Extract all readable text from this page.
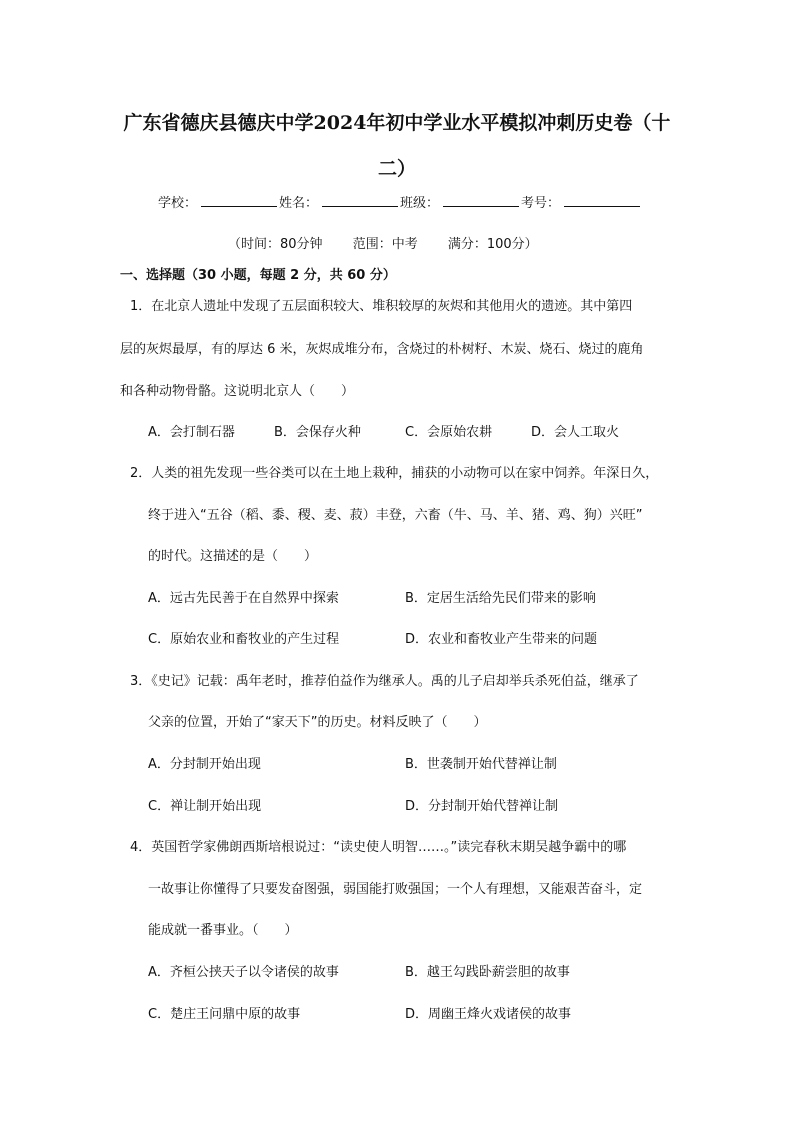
广东省德庆县德庆中学2024年初中学业水平模拟冲刺历史卷（十
二）
学校：	姓名：	班级：	考号：
（时间：80分钟 范围：中考 满分：100分）
一、选择题（30 小题，每题 2 分，共 60 分）
1．在北京人遗址中发现了五层面积较大、堆积较厚的灰烬和其他用火的遗迹。其中第四
层的灰烬最厚，有的厚达 6 米，灰烬成堆分布，含烧过的朴树籽、木炭、烧石、烧过的鹿角
和各种动物骨骼。这说明北京人（　　）
A．会打制石器	B．会保存火种	C．会原始农耕	D．会人工取火
2．人类的祖先发现一些谷类可以在土地上栽种，捕获的小动物可以在家中饲养。年深日久，
终于进入“五谷（稻、黍、稷、麦、菽）丰登，六畜（牛、马、羊、猪、鸡、狗）兴旺”
的时代。这描述的是（　　）
A．远古先民善于在自然界中探索	B．定居生活给先民们带来的影响
C．原始农业和畜牧业的产生过程	D．农业和畜牧业产生带来的问题
3．《史记》记载：禹年老时，推荐伯益作为继承人。禹的儿子启却举兵杀死伯益，继承了
父亲的位置，开始了“家天下”的历史。材料反映了（　　）
A．分封制开始出现	B．世袭制开始代替禅让制
C．禅让制开始出现	D．分封制开始代替禅让制
4．英国哲学家佛朗西斯培根说过：“读史使人明智……。”读完春秋末期吴越争霸中的哪
一故事让你懂得了只要发奋图强，弱国能打败强国；一个人有理想，又能艰苦奋斗，定
能成就一番事业。（　　）
A．齐桓公挟天子以令诸侯的故事	B．越王勾践卧薪尝胆的故事
C．楚庄王问鼎中原的故事	D．周幽王烽火戏诸侯的故事
